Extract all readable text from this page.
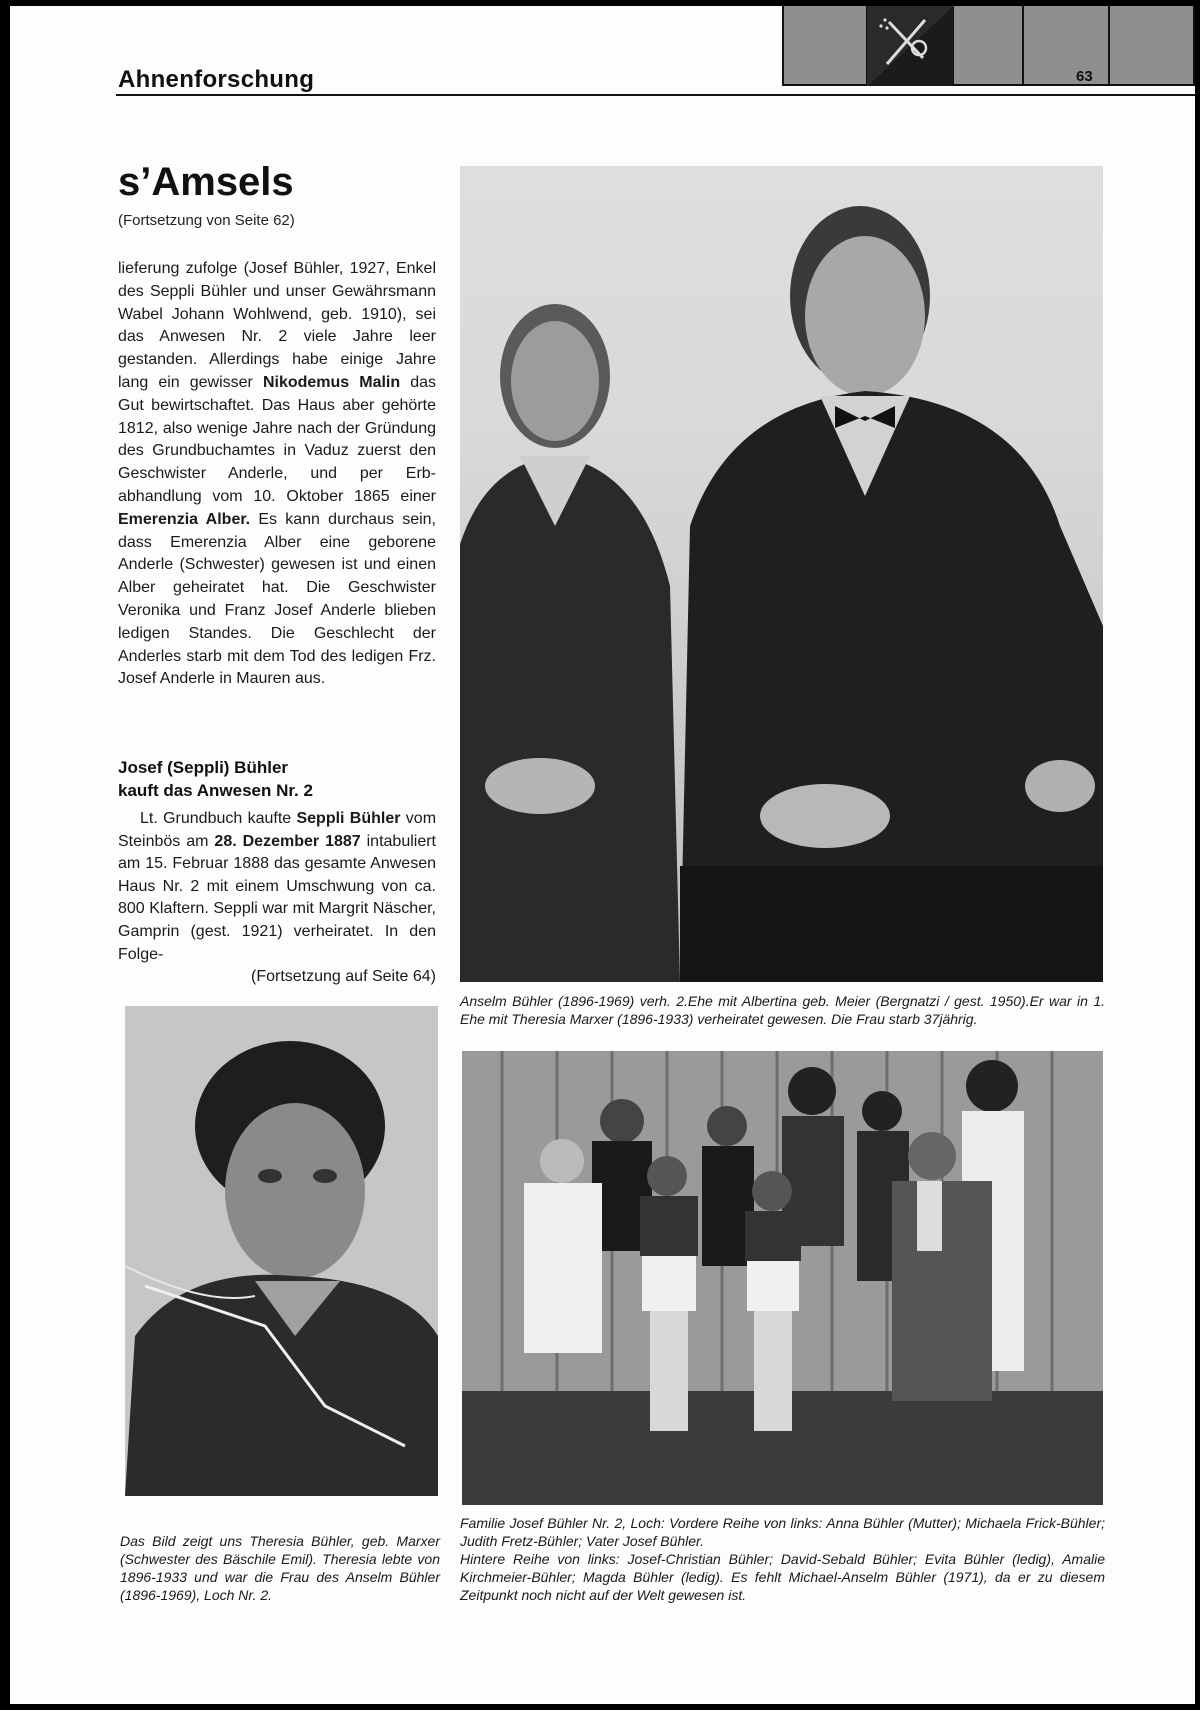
63
Ahnenforschung
s’Amsels
(Fortsetzung von Seite 62)

lieferung zufolge (Josef Bühler, 1927, Enkel des Seppli Bühler und unser Gewährsmann Wabel Johann Wohlwend, geb. 1910), sei das Anwesen Nr. 2 viele Jahre leer gestanden. Allerdings habe einige Jahre lang ein gewisser Nikodemus Malin das Gut bewirtschaftet. Das Haus aber gehörte 1812, also wenige Jahre nach der Gründung des Grundbuchamtes in Vaduz zuerst den Geschwister Anderle, und per Erbabhandlung vom 10. Oktober 1865 einer Emerenzia Alber. Es kann durchaus sein, dass Emerenzia Alber eine geborene Anderle (Schwester) gewesen ist und einen Alber geheiratet hat. Die Geschwister Veronika und Franz Josef Anderle blieben ledigen Standes. Die Geschlecht der Anderles starb mit dem Tod des ledigen Frz. Josef Anderle in Mauren aus.

Josef (Seppli) Bühler
kauft das Anwesen Nr. 2

Lt. Grundbuch kaufte Seppli Bühler vom Steinbös am 28. Dezember 1887 intabuliert am 15. Februar 1888 das gesamte Anwesen Haus Nr. 2 mit einem Umschwung von ca. 800 Klaftern. Seppli war mit Margrit Näscher, Gamprin (gest. 1921) verheiratet. In den Folge-
(Fortsetzung auf Seite 64)

Anselm Bühler (1896-1969) verh. 2.Ehe mit Albertina geb. Meier (Bergnatzi / gest. 1950).Er war in 1. Ehe mit Theresia Marxer (1896-1933) verheiratet gewesen. Die Frau starb 37jährig.

Das Bild zeigt uns Theresia Bühler, geb. Marxer (Schwester des Bäschile Emil). Theresia lebte von 1896-1933 und war die Frau des Anselm Bühler (1896-1969), Loch Nr. 2.

Familie Josef Bühler Nr. 2, Loch: Vordere Reihe von links: Anna Bühler (Mutter); Michaela Frick-Bühler; Judith Fretz-Bühler; Vater Josef Bühler.
Hintere Reihe von links: Josef-Christian Bühler; David-Sebald Bühler; Evita Bühler (ledig), Amalie Kirchmeier-Bühler; Magda Bühler (ledig). Es fehlt Michael-Anselm Bühler (1971), da er zu diesem Zeitpunkt noch nicht auf der Welt gewesen ist.
